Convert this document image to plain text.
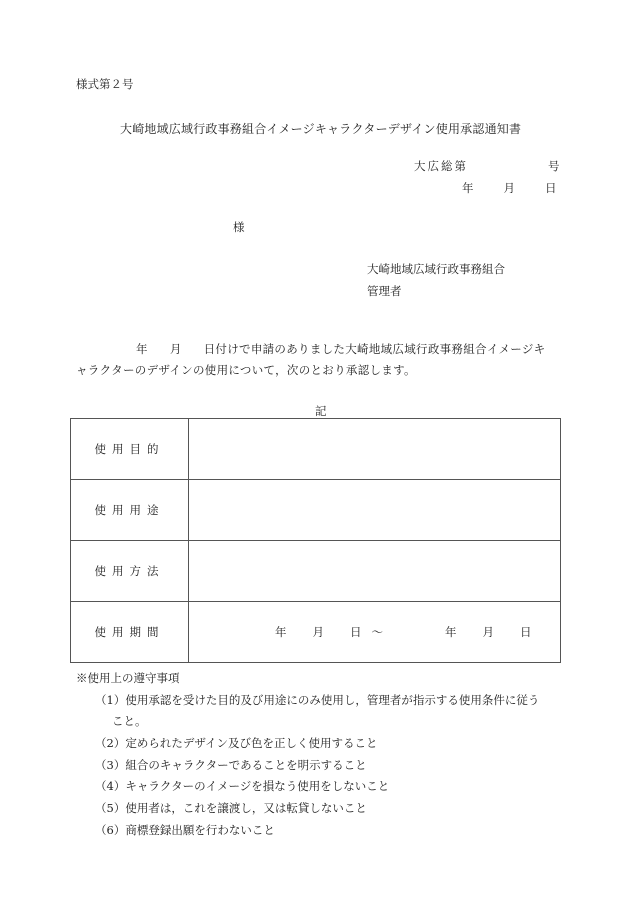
様式第２号
大崎地域広域行政事務組合イメージキャラクターデザイン使用承認通知書
大広総第	号
年	月	日
様
大崎地域広域行政事務組合
管理者
年 月 日付けで申請のありました大崎地域広域行政事務組合イメージキ
ャラクターのデザインの使用について，次のとおり承認します。
記
使用目的	
使用用途	
使用方法	
使用期間	年 月 日 ～ 年 月 日
※使用上の遵守事項
（1）使用承認を受けた目的及び用途にのみ使用し，管理者が指示する使用条件に従う
こと。
（2）定められたデザイン及び色を正しく使用すること
（3）組合のキャラクターであることを明示すること
（4）キャラクターのイメージを損なう使用をしないこと
（5）使用者は，これを譲渡し，又は転貸しないこと
（6）商標登録出願を行わないこと
